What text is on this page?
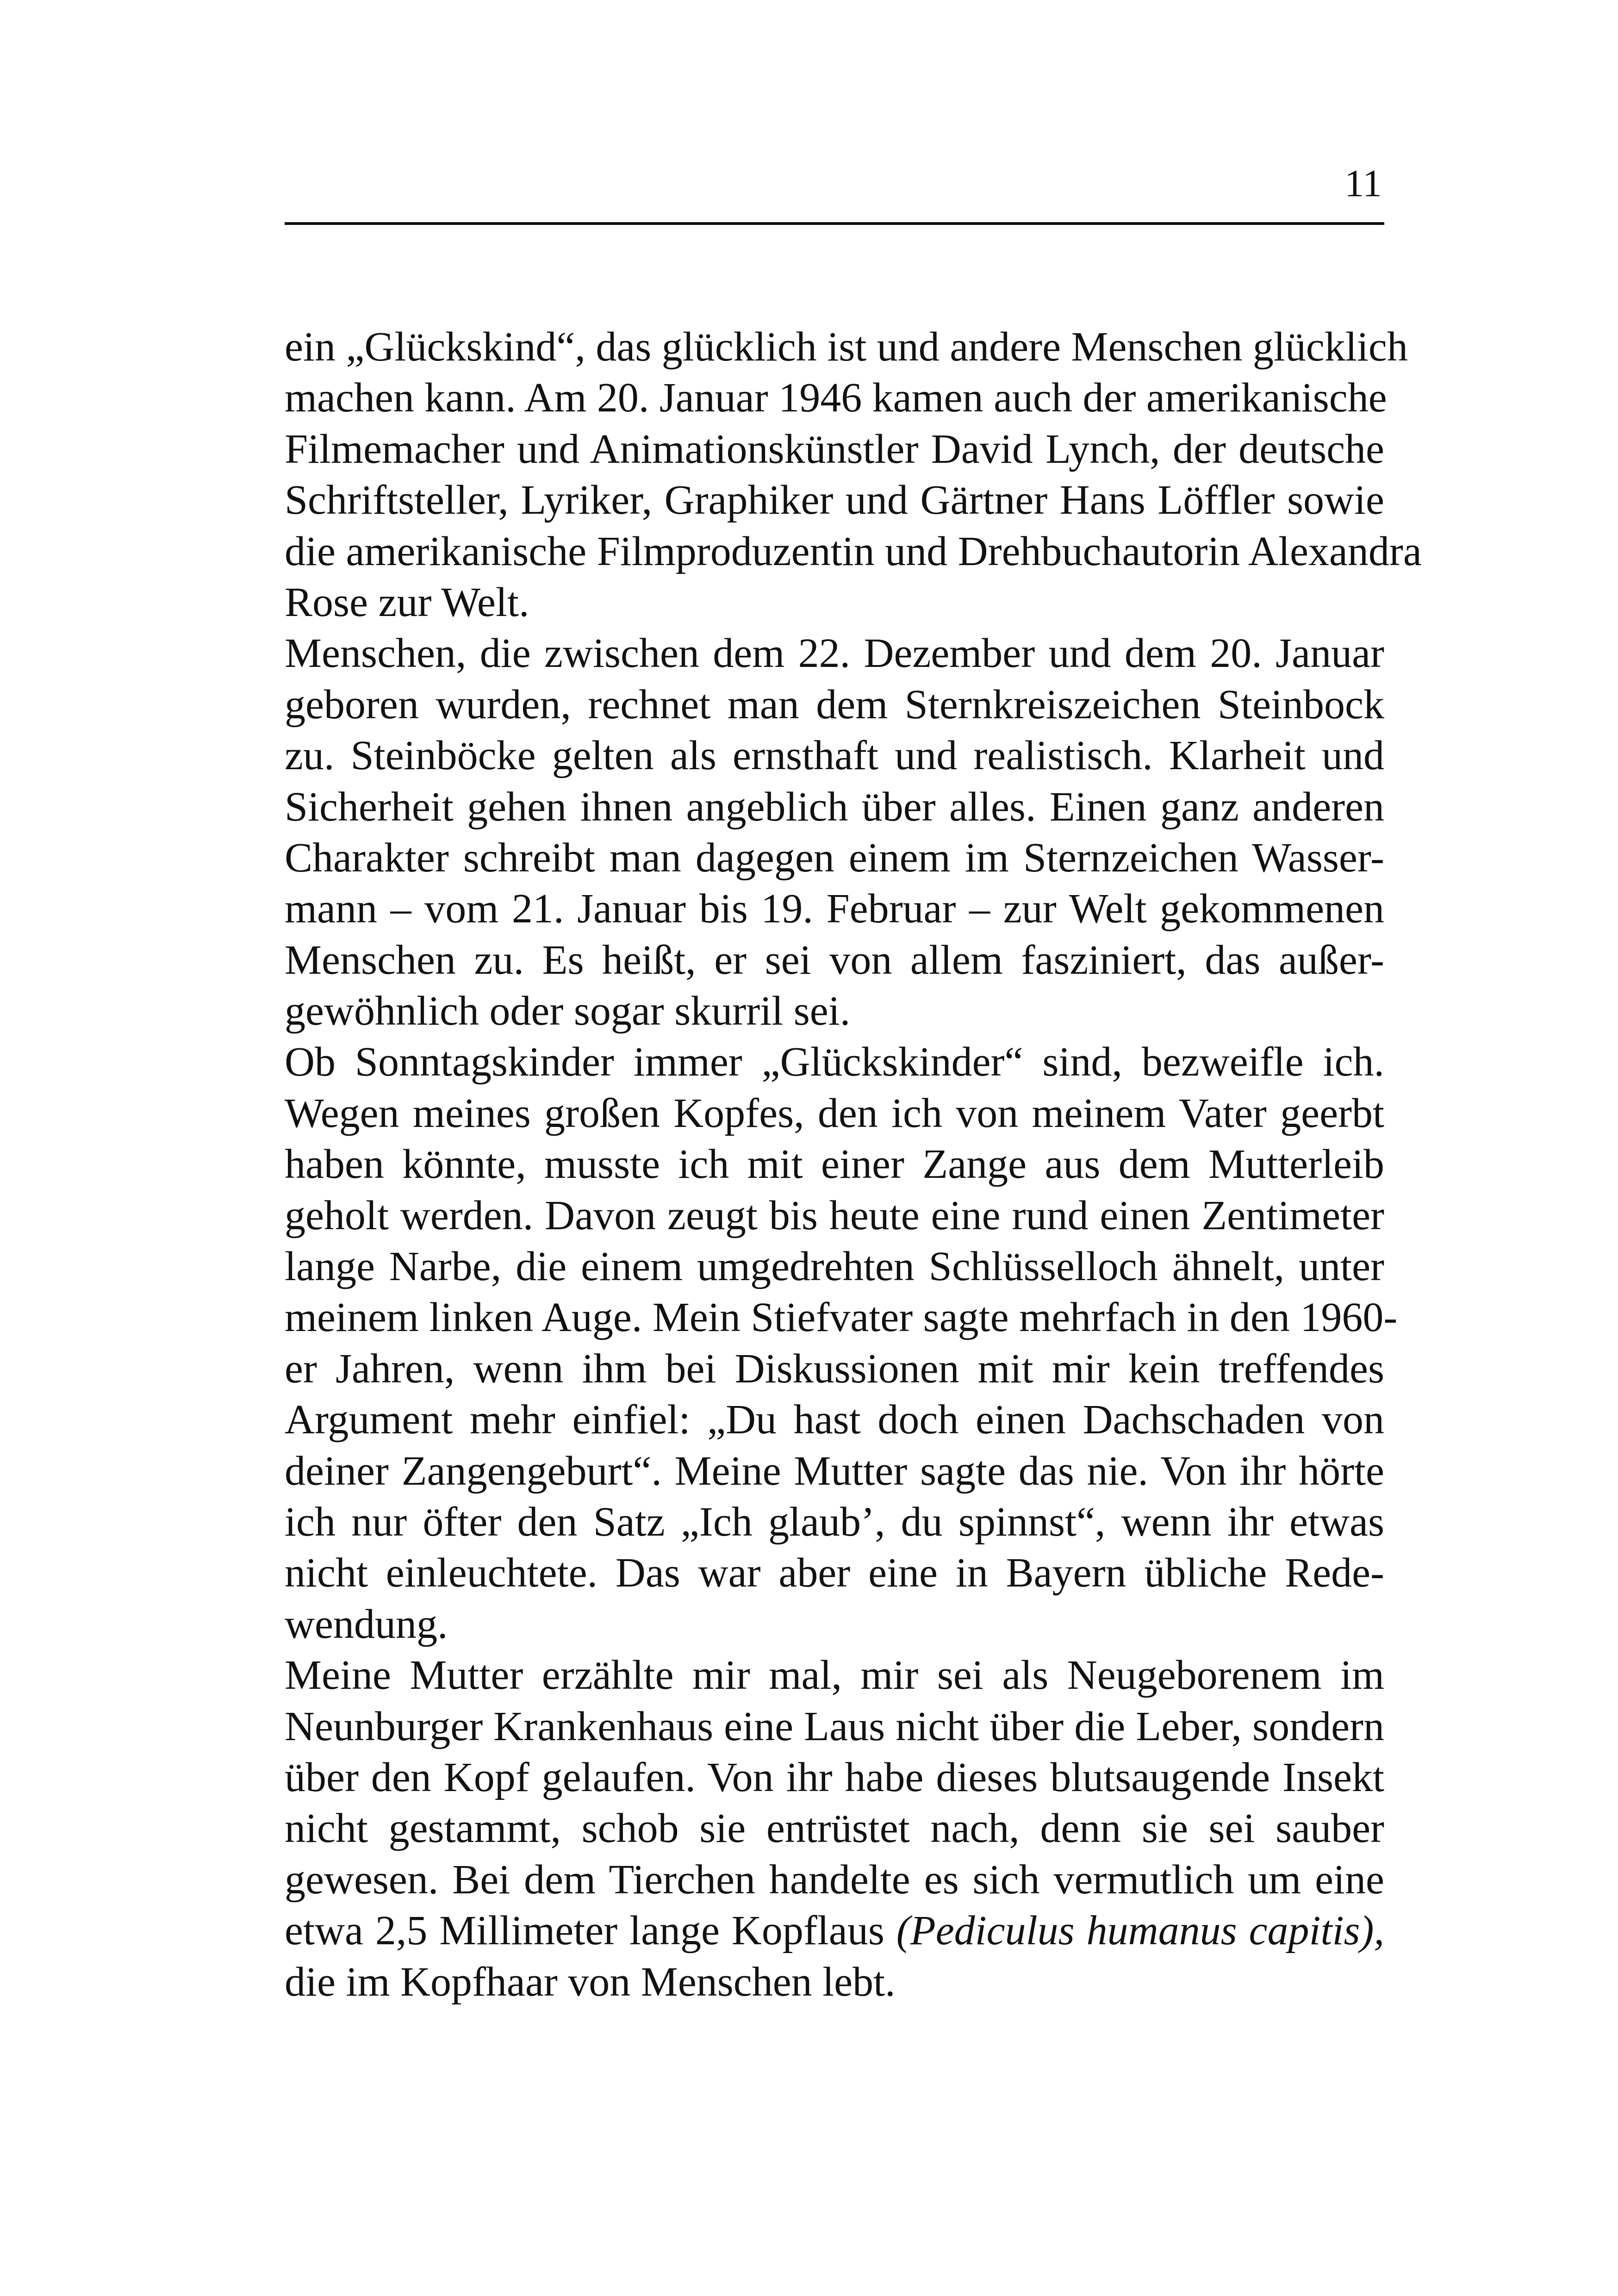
11
ein „Glückskind“, das glücklich ist und andere Menschen glücklich
machen kann. Am 20. Januar 1946 kamen auch der amerikanische
Filmemacher und Animationskünstler David Lynch, der deutsche
Schriftsteller, Lyriker, Graphiker und Gärtner Hans Löffler sowie
die amerikanische Filmproduzentin und Drehbuchautorin Alexandra
Rose zur Welt.
Menschen, die zwischen dem 22. Dezember und dem 20. Januar
geboren wurden, rechnet man dem Sternkreiszeichen Steinbock
zu. Steinböcke gelten als ernsthaft und realistisch. Klarheit und
Sicherheit gehen ihnen angeblich über alles. Einen ganz anderen
Charakter schreibt man dagegen einem im Sternzeichen Wasser-
mann – vom 21. Januar bis 19. Februar – zur Welt gekommenen
Menschen zu. Es heißt, er sei von allem fasziniert, das außer-
gewöhnlich oder sogar skurril sei.
Ob Sonntagskinder immer „Glückskinder“ sind, bezweifle ich.
Wegen meines großen Kopfes, den ich von meinem Vater geerbt
haben könnte, musste ich mit einer Zange aus dem Mutterleib
geholt werden. Davon zeugt bis heute eine rund einen Zentimeter
lange Narbe, die einem umgedrehten Schlüsselloch ähnelt, unter
meinem linken Auge. Mein Stiefvater sagte mehrfach in den 1960-
er Jahren, wenn ihm bei Diskussionen mit mir kein treffendes
Argument mehr einfiel: „Du hast doch einen Dachschaden von
deiner Zangengeburt“. Meine Mutter sagte das nie. Von ihr hörte
ich nur öfter den Satz „Ich glaub’, du spinnst“, wenn ihr etwas
nicht einleuchtete. Das war aber eine in Bayern übliche Rede-
wendung.
Meine Mutter erzählte mir mal, mir sei als Neugeborenem im
Neunburger Krankenhaus eine Laus nicht über die Leber, sondern
über den Kopf gelaufen. Von ihr habe dieses blutsaugende Insekt
nicht gestammt, schob sie entrüstet nach, denn sie sei sauber
gewesen. Bei dem Tierchen handelte es sich vermutlich um eine
etwa 2,5 Millimeter lange Kopflaus (Pediculus humanus capitis),
die im Kopfhaar von Menschen lebt.
